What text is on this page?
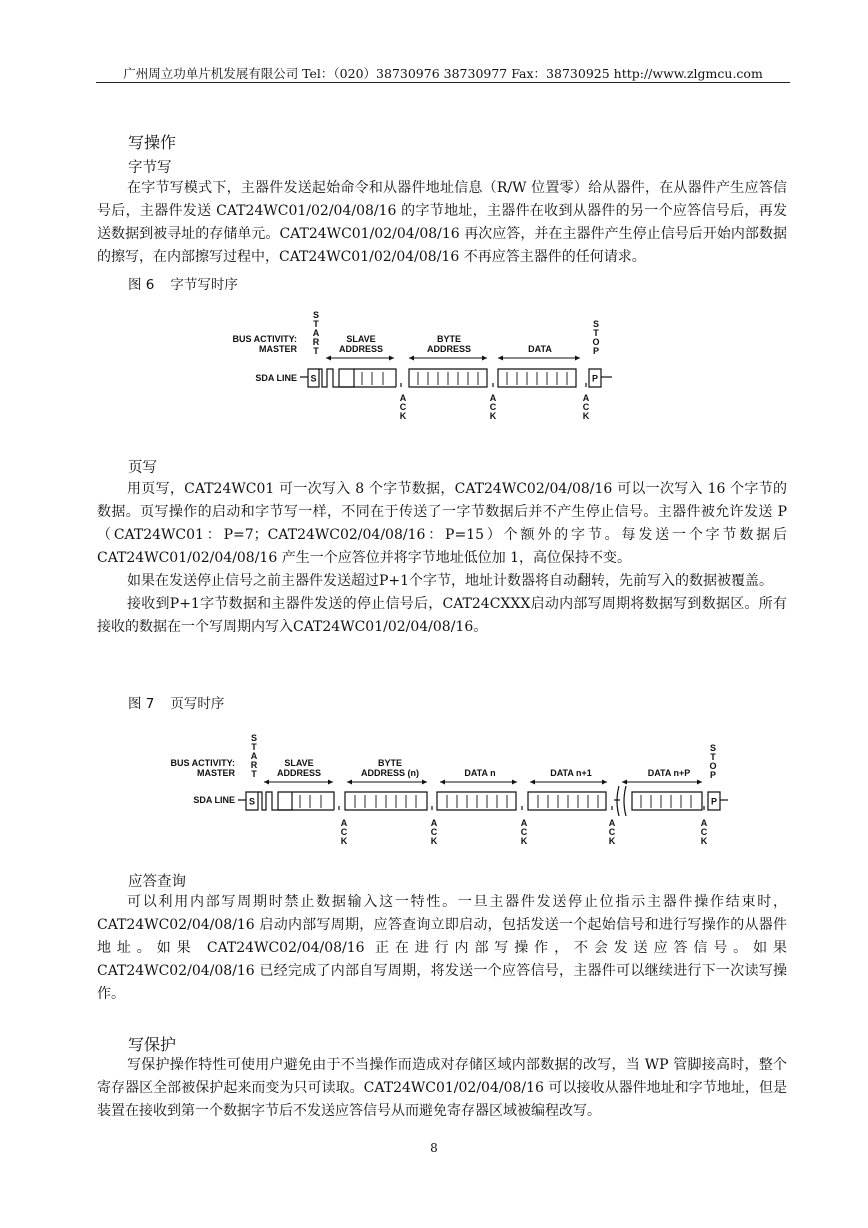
广州周立功单片机发展有限公司 Tel：（020）38730976 38730977 Fax：38730925 http://www.zlgmcu.com
写操作
字节写

在字节写模式下，主器件发送起始命令和从器件地址信息（R/W 位置零）给从器件，在从器件产生应答信号后，主器件发送 CAT24WC01/02/04/08/16 的字节地址，主器件在收到从器件的另一个应答信号后，再发送数据到被寻址的存储单元。CAT24WC01/02/04/08/16 再次应答，并在主器件产生停止信号后开始内部数据的擦写，在内部擦写过程中，CAT24WC01/02/04/08/16 不再应答主器件的任何请求。

图 6 字节写时序
BUS ACTIVITY:
MASTER
SDA LINE
S
T
A
R
T
S
T
O
P
SLAVE
ADDRESS
BYTE
ADDRESS	DATA
S	P
A
C
K
A
C
K
A
C
K
页写

用页写，CAT24WC01 可一次写入 8 个字节数据，CAT24WC02/04/08/16 可以一次写入 16 个字节的数据。页写操作的启动和字节写一样，不同在于传送了一字节数据后并不产生停止信号。主器件被允许发送 P（CAT24WC01：P=7；CAT24WC02/04/08/16：P=15）个额外的字节。每发送一个字节数据后 CAT24WC01/02/04/08/16 产生一个应答位并将字节地址低位加 1，高位保持不变。

如果在发送停止信号之前主器件发送超过P+1个字节，地址计数器将自动翻转，先前写入的数据被覆盖。

接收到P+1字节数据和主器件发送的停止信号后，CAT24CXXX启动内部写周期将数据写到数据区。所有接收的数据在一个写周期内写入CAT24WC01/02/04/08/16。

图 7 页写时序
BUS ACTIVITY:
MASTER
SDA LINE
S
T
A
R
T
S
T
O
P
SLAVE
ADDRESS
BYTE
ADDRESS (n)	DATA n	DATA n+1	DATA n+P
S	P
A
C
K
A
C
K
A
C
K
A
C
K
A
C
K
应答查询

可以利用内部写周期时禁止数据输入这一特性。一旦主器件发送停止位指示主器件操作结束时，CAT24WC02/04/08/16 启动内部写周期，应答查询立即启动，包括发送一个起始信号和进行写操作的从器件地址。如果 CAT24WC02/04/08/16 正在进行内部写操作，不会发送应答信号。如果 CAT24WC02/04/08/16 已经完成了内部自写周期，将发送一个应答信号，主器件可以继续进行下一次读写操作。

写保护

写保护操作特性可使用户避免由于不当操作而造成对存储区域内部数据的改写，当 WP 管脚接高时，整个寄存器区全部被保护起来而变为只可读取。CAT24WC01/02/04/08/16 可以接收从器件地址和字节地址，但是装置在接收到第一个数据字节后不发送应答信号从而避免寄存器区域被编程改写。

8
